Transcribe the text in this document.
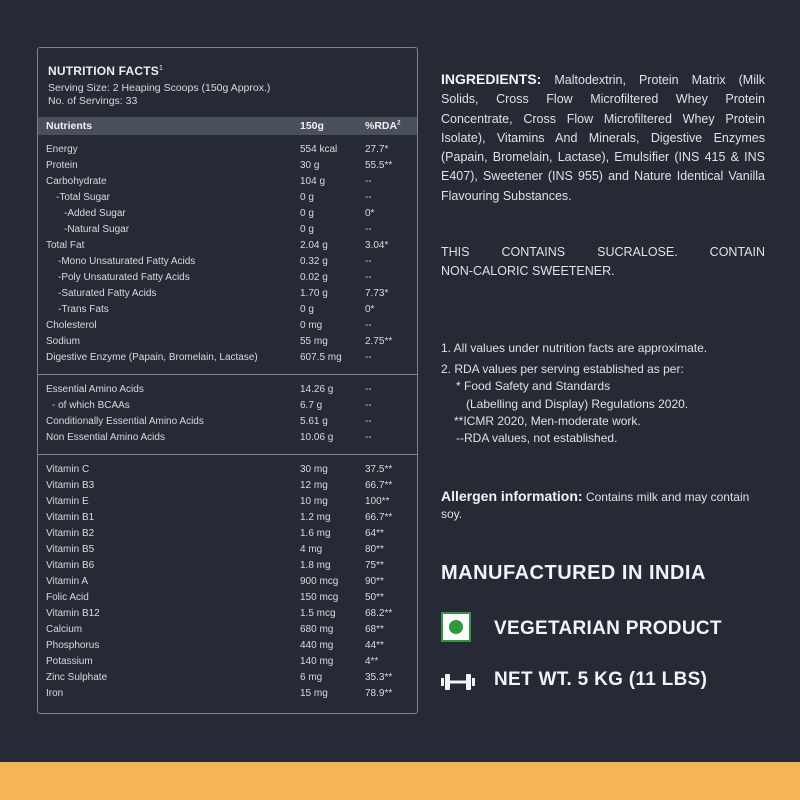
NUTRITION FACTS$^1$
Serving Size: 2 Heaping Scoops (150g Approx.)
No. of Servings: 33
Nutrients	150g	%RDA$^2$
Energy	554 kcal	27.7*
Protein	30 g	55.5**
Carbohydrate	104 g	--
-Total Sugar	0 g	--
-Added Sugar	0 g	0*
-Natural Sugar	0 g	--
Total Fat	2.04 g	3.04*
-Mono Unsaturated Fatty Acids	0.32 g	--
-Poly Unsaturated Fatty Acids	0.02 g	--
-Saturated Fatty Acids	1.70 g	7.73*
-Trans Fats	0 g	0*
Cholesterol	0 mg	--
Sodium	55 mg	2.75**
Digestive Enzyme (Papain, Bromelain, Lactase)	607.5 mg --
Essential Amino Acids	14.26 g	--
- of which BCAAs	6.7 g	--
Conditionally Essential Amino Acids	5.61 g	--
Non Essential Amino Acids	10.06 g	--
Vitamin C	30 mg	37.5**
Vitamin B3	12 mg	66.7**
Vitamin E	10 mg	100**
Vitamin B1	1.2 mg	66.7**
Vitamin B2	1.6 mg	64**
Vitamin B5	4 mg	80**
Vitamin B6	1.8 mg	75**
Vitamin A	900 mcg	90**
Folic Acid	150 mcg	50**
Vitamin B12	1.5 mcg	68.2**
Calcium	680 mg	68**
Phosphorus	440 mg	44**
Potassium	140 mg	4**
Zinc Sulphate	6 mg	35.3**
Iron	15 mg	78.9**
INGREDIENTS: Maltodextrin, Protein Matrix (Milk Solids, Cross Flow Microfiltered Whey Protein Concentrate, Cross Flow Microfiltered Whey Protein Isolate), Vitamins And Minerals, Digestive Enzymes (Papain, Bromelain, Lactase), Emulsifier (INS 415 & INS E407), Sweetener (INS 955) and Nature Identical Vanilla Flavouring Substances.
THIS CONTAINS SUCRALOSE. CONTAIN
NON-CALORIC SWEETENER.
1. All values under nutrition facts are approximate.
2. RDA values per serving established as per:
* Food Safety and Standards
(Labelling and Display) Regulations 2020.
**ICMR 2020, Men-moderate work.
--RDA values, not established.
Allergen information: Contains milk and may contain soy.
MANUFACTURED IN INDIA
VEGETARIAN PRODUCT
NET WT. 5 KG (11 LBS)
